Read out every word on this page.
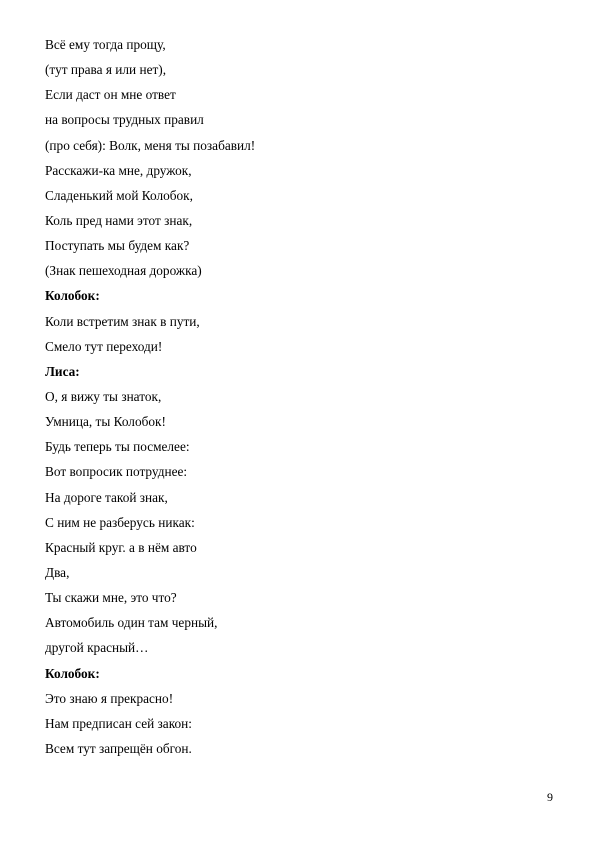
Всё ему тогда прощу,
(тут права я или нет),
Если даст он мне ответ
на вопросы трудных правил
(про себя): Волк, меня ты позабавил!
Расскажи-ка мне, дружок,
Сладенький мой Колобок,
Коль пред нами этот знак,
Поступать мы будем как?
(Знак пешеходная дорожка)
Колобок:
Коли встретим знак в пути,
Смело тут переходи!
Лиса:
О, я вижу ты знаток,
Умница, ты Колобок!
Будь теперь ты посмелее:
Вот вопросик потруднее:
На дороге такой знак,
С ним не разберусь никак:
Красный круг. а в нём авто
Два,
Ты скажи мне, это что?
Автомобиль один там черный,
другой красный…
Колобок:
Это знаю я прекрасно!
Нам предписан сей закон:
Всем тут запрещён обгон.
9
